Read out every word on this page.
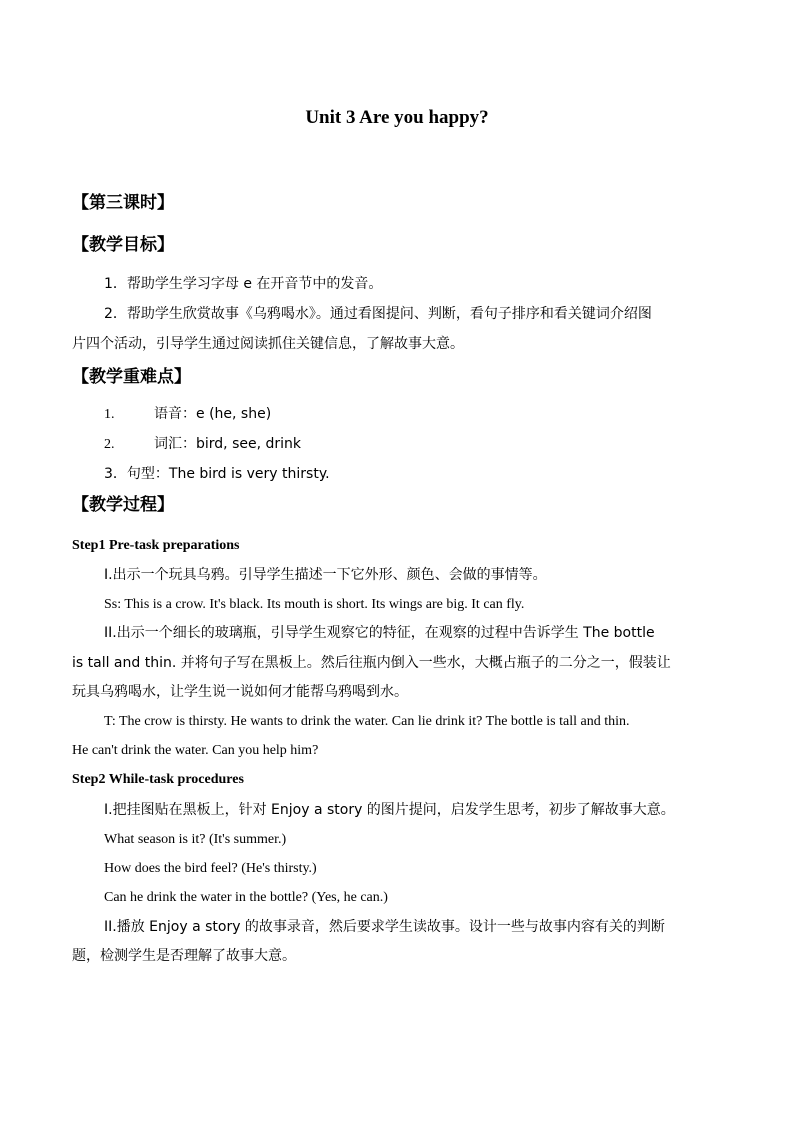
Unit 3 Are you happy?
【第三课时】
【教学目标】
1．帮助学生学习字母 e 在开音节中的发音。
2．帮助学生欣赏故事《乌鸦喝水》。通过看图提问、判断，看句子排序和看关键词介绍图
片四个活动，引导学生通过阅读抓住关键信息，了解故事大意。
【教学重难点】
1.	语音：e (he, she)
2.	词汇：bird, see, drink
3．句型：The bird is very thirsty.
【教学过程】
Step1 Pre-task preparations
I.出示一个玩具乌鸦。引导学生描述一下它外形、颜色、会做的事情等。
Ss: This is a crow. It's black. Its mouth is short. Its wings are big. It can fly.
II.出示一个细长的玻璃瓶，引导学生观察它的特征，在观察的过程中告诉学生 The bottle
is tall and thin. 并将句子写在黑板上。然后往瓶内倒入一些水，大概占瓶子的二分之一，假装让
玩具乌鸦喝水，让学生说一说如何才能帮乌鸦喝到水。
T: The crow is thirsty. He wants to drink the water. Can lie drink it? The bottle is tall and thin.
He can't drink the water. Can you help him?
Step2 While-task procedures
I.把挂图贴在黑板上，针对 Enjoy a story 的图片提问，启发学生思考，初步了解故事大意。
What season is it? (It's summer.)
How does the bird feel? (He's thirsty.)
Can he drink the water in the bottle? (Yes, he can.)
II.播放 Enjoy a story 的故事录音，然后要求学生读故事。设计一些与故事内容有关的判断
题，检测学生是否理解了故事大意。
